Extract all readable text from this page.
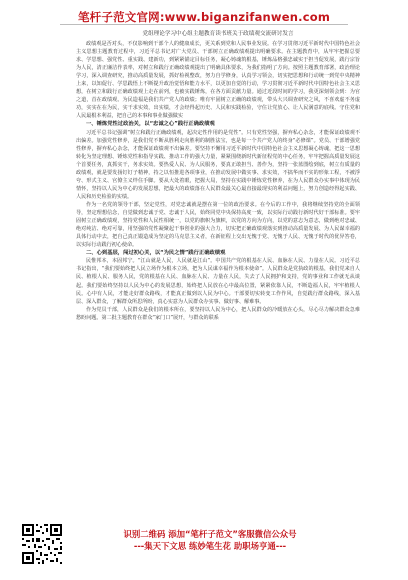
笔杆子范文官网:www.biganzifanwen.com

党组理论学习中心组主题教育读书班关于政绩观交流研讨发言

政绩观是否对头，不仅影响到干部个人的健康成长，更关系到党和人民事业发展。在学习贯彻习近平新时代中国特色社会主义思想主题教育过程中，习近平总书记对广大党员、干部树立正确政绩观提出明确要求。在主题教育中，从牢牢把握总要求、学思想、强党性、重实践、建新功，到紧紧锚定目标任务，凝心铸魂筑根基，锤炼品格强忠诚实于担当促发展，践行宗旨为人民，清正廉洁作表率，对树立和践行正确政绩观提出了明确具体要求，为我们指明了方向。按照主题教育部署，政治理论学习，深入调查研究，推动高质量发展，抓好检视整改，努力自学修身，认真学习领会，切实把思想和行动统一到党中央精神上来，以知促行、学思践悟上不断提升政治觉悟和能力水平，以更加自觉的行动，学习贯彻习近平新时代中国特色社会主义思想，在树立和践行正确政绩观上走在前列，也被实践锤炼，在各方面贡献力量。通过近段时间的学习，我更深刻领会到：为官之道，首在政绩观。为民造福是我们共产党人的政绩；唯有牢固树立正确的政绩观，带头大兴调查研究之风，不喜欢虚不务虚功，实实在在为民，实干求实效，出实绩，才会经得起历史、人民和实践检验，守住让党放心、让人民满意的底线。守住党和人民最根本利益，把自己的本事和事业做强做实

一、锤炼党性过政治关，以“忠诚之心”践行正确政绩观

习近平总书记强调“树立和践行正确政绩观，起决定性作用的是党性”。只有党性坚强，摒弃私心杂念，才能保证政绩观不出偏差。加强党性修养，是我们党不断从胜利走向胜利的制胜法宝，也是每一个共产党人的终身“必修课”。党员、干部增强党性修养，摒弃私心杂念，才能保证政绩观不出偏差。要坚持不懈用习近平新时代中国特色社会主义思想凝心铸魂，把这一思想转化为坚定理想、锤炼党性和指导实践、推动工作的强大力量，紧紧围绕新时代新征程党的中心任务，牢牢把握高质量发展这个首要任务，真抓实干，务求实效。要热爱人民、为人民服务，要真正敢担当、善作为，坚持一张蓝图绘到底，树立有质量的政绩观，就是要发扬钉钉子精神，持之以恒推进各项事业，在推动发展中做实事、求实效，不搞华而不实的形象工程，不被浮夸、形式主义、官僚主义绊住手脚。要从大处着眼，把握大局，坚持在实践中锤炼党性修养，在为人民群众办实事中体现为民情怀，坚持以人民为中心的发展思想，把最大的政绩落在人民群众最关心最直接最现实的利益问题上，努力创造经得起实践、人民和历史检验的实绩。

作为一名党的领导干部，坚定党性，对党忠诚就是摆在第一位的政治要求。在今后的工作中，我将继续坚持党的全面领导，坚定理想信念，自觉做到忠诚于党、忠诚于人民，始终同党中央保持高度一致，以实际行动践行新时代好干部标准。要牢固树立正确政绩观，坚持党性和人民性相统一，以党的旗帜为旗帜，以党的方向为方向，以党的意志为意志，做到绝对忠诚、绝对纯洁、绝对可靠，用坚强的党性凝聚起干事创业的强大合力，切实把正确政绩观落实到推动高质量发展、为人民谋幸福的具体行动中去，把自己真正锻造成为坚定的马克思主义者，在新征程上交出无愧于党、无愧于人民、无愧于时代的优异答卷，以实际行动践行初心使命。

二、心到基层，闯过初心关，以“为民之情”践行正确政绩观

民惟邦本，本固邦宁。“江山就是人民，人民就是江山”。中国共产党的根基在人民、血脉在人民、力量在人民。习近平总书记指出，“我们要始终把人民立场作为根本立场，把为人民谋幸福作为根本使命”。人民群众是党执政的根基，我们党来自人民、植根人民、服务人民，党的根基在人民、血脉在人民、力量在人民，失去了人民拥护和支持，党的事业和工作就无从谈起。我们要始终坚持以人民为中心的发展思想，始终把人民放在心中最高位置，紧紧依靠人民，不断造福人民，牢牢植根人民。心中有人民，才能走好群众路线，才能真正做到以人民为中心。干部要切实转变工作作风，自觉践行群众路线，深入基层、深入群众，了解群众所思所盼，真心实意为人民群众办实事、做好事、解难事。

作为党员干部，人民群众是我们的根本所在，要坚持以人民为中心，把人民群众的冷暖放在心头，尽心尽力解决群众急难愁盼问题。第二批主题教育在群众“家门口”展开，与群众的联系

识别二维码 添加“笔杆子范文”客服微信公众号
---集天下文思 练妙笔生花 助职场亨通---
